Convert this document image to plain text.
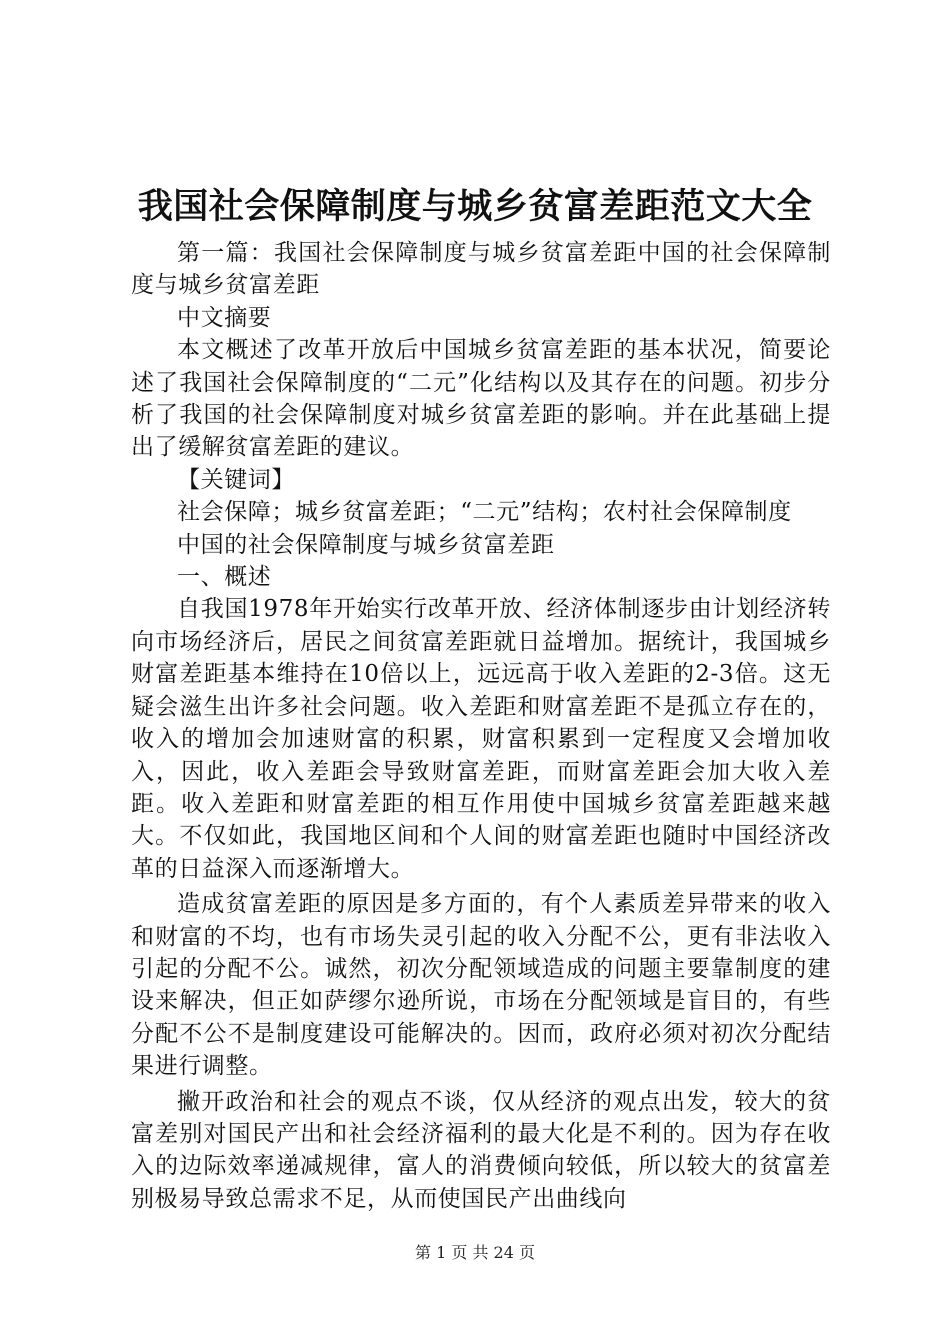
我国社会保障制度与城乡贫富差距范文大全

第一篇：我国社会保障制度与城乡贫富差距中国的社会保障制度与城乡贫富差距

中文摘要

本文概述了改革开放后中国城乡贫富差距的基本状况，简要论述了我国社会保障制度的“二元”化结构以及其存在的问题。初步分析了我国的社会保障制度对城乡贫富差距的影响。并在此基础上提出了缓解贫富差距的建议。

【关键词】

社会保障；城乡贫富差距；“二元”结构；农村社会保障制度

中国的社会保障制度与城乡贫富差距

一、概述

自我国1978年开始实行改革开放、经济体制逐步由计划经济转向市场经济后，居民之间贫富差距就日益增加。据统计，我国城乡财富差距基本维持在10倍以上，远远高于收入差距的2-3倍。这无疑会滋生出许多社会问题。收入差距和财富差距不是孤立存在的，收入的增加会加速财富的积累，财富积累到一定程度又会增加收入，因此，收入差距会导致财富差距，而财富差距会加大收入差距。收入差距和财富差距的相互作用使中国城乡贫富差距越来越大。不仅如此，我国地区间和个人间的财富差距也随时中国经济改革的日益深入而逐渐增大。

造成贫富差距的原因是多方面的，有个人素质差异带来的收入和财富的不均，也有市场失灵引起的收入分配不公，更有非法收入引起的分配不公。诚然，初次分配领域造成的问题主要靠制度的建设来解决，但正如萨缪尔逊所说，市场在分配领域是盲目的，有些分配不公不是制度建设可能解决的。因而，政府必须对初次分配结果进行调整。

撇开政治和社会的观点不谈，仅从经济的观点出发，较大的贫富差别对国民产出和社会经济福利的最大化是不利的。因为存在收入的边际效率递减规律，富人的消费倾向较低，所以较大的贫富差别极易导致总需求不足，从而使国民产出曲线向

第 1 页 共 24 页
